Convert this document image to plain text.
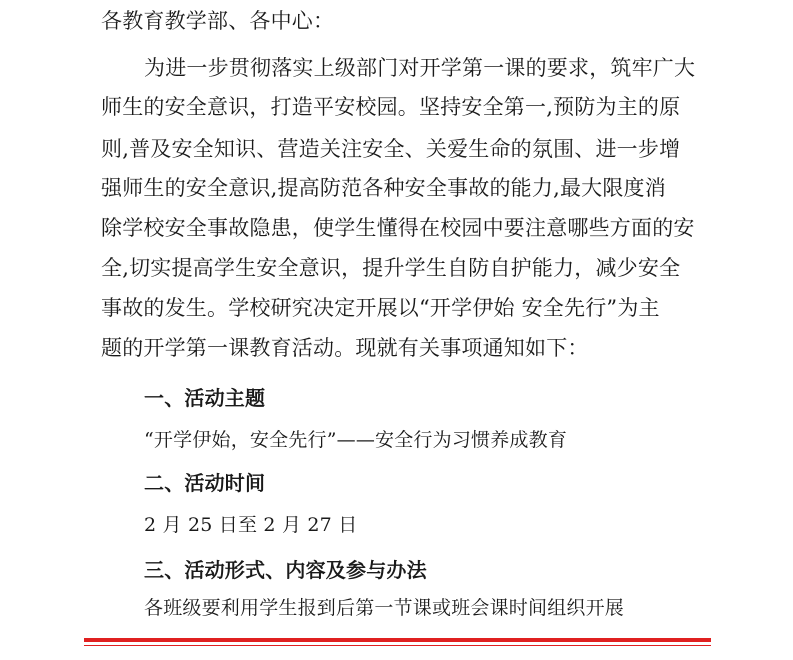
各教育教学部、各中心：
为进一步贯彻落实上级部门对开学第一课的要求，筑牢广大
师生的安全意识，打造平安校园。坚持安全第一,预防为主的原
则,普及安全知识、营造关注安全、关爱生命的氛围、进一步增
强师生的安全意识,提高防范各种安全事故的能力,最大限度消
除学校安全事故隐患，使学生懂得在校园中要注意哪些方面的安
全,切实提高学生安全意识，提升学生自防自护能力，减少安全
事故的发生。学校研究决定开展以“开学伊始 安全先行”为主
题的开学第一课教育活动。现就有关事项通知如下：
一、活动主题
“开学伊始，安全先行”——安全行为习惯养成教育
二、活动时间
2 月 25 日至 2 月 27 日
三、活动形式、内容及参与办法
各班级要利用学生报到后第一节课或班会课时间组织开展
